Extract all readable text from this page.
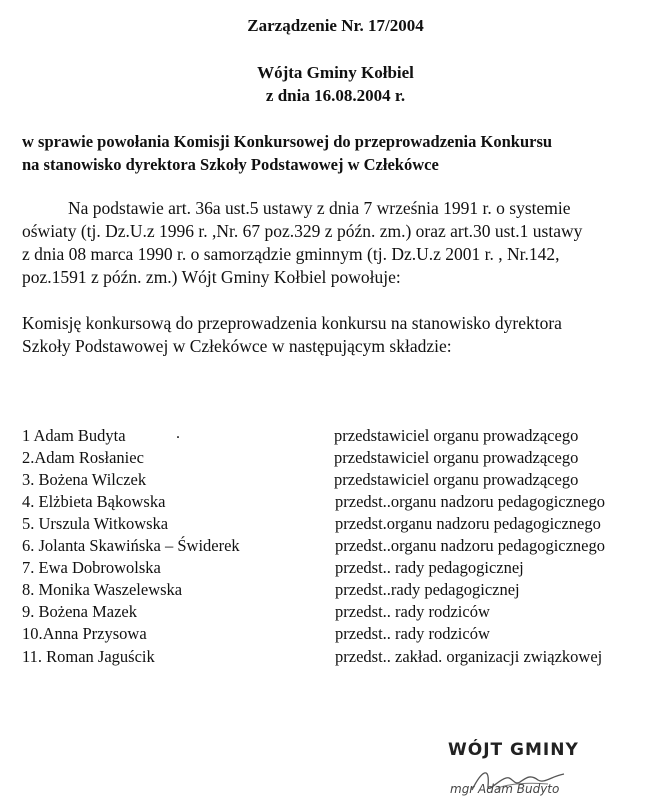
Zarządzenie Nr. 17/2004
Wójta Gminy Kołbiel
z dnia 16.08.2004 r.
w sprawie powołania Komisji Konkursowej do przeprowadzenia Konkursu
na stanowisko dyrektora Szkoły Podstawowej w Człekówce
Na podstawie art. 36a ust.5 ustawy z dnia 7 września 1991 r. o systemie
oświaty (tj. Dz.U.z 1996 r. ,Nr. 67 poz.329 z późn. zm.) oraz art.30 ust.1 ustawy
z dnia 08 marca 1990 r. o samorządzie gminnym (tj. Dz.U.z 2001 r. , Nr.142,
poz.1591 z późn. zm.) Wójt Gminy Kołbiel powołuje:
Komisję konkursową do przeprowadzenia konkursu na stanowisko dyrektora
Szkoły Podstawowej w Człekówce w następującym składzie:
.
1 Adam Budyta	przedstawiciel organu prowadzącego
2.Adam Rosłaniec	przedstawiciel organu prowadzącego
3. Bożena Wilczek	przedstawiciel organu prowadzącego
4. Elżbieta Bąkowska	przedst..organu nadzoru pedagogicznego
5. Urszula Witkowska	przedst.organu nadzoru pedagogicznego
6. Jolanta Skawińska – Świderek	przedst..organu nadzoru pedagogicznego
7. Ewa Dobrowolska	przedst.. rady pedagogicznej
8. Monika Waszelewska	przedst..rady pedagogicznej
9. Bożena Mazek	przedst.. rady rodziców
10.Anna Przysowa	przedst.. rady rodziców
11. Roman Jaguścik	przedst.. zakład. organizacji związkowej
WÓJT GMINY
mgr Adam Budyto
